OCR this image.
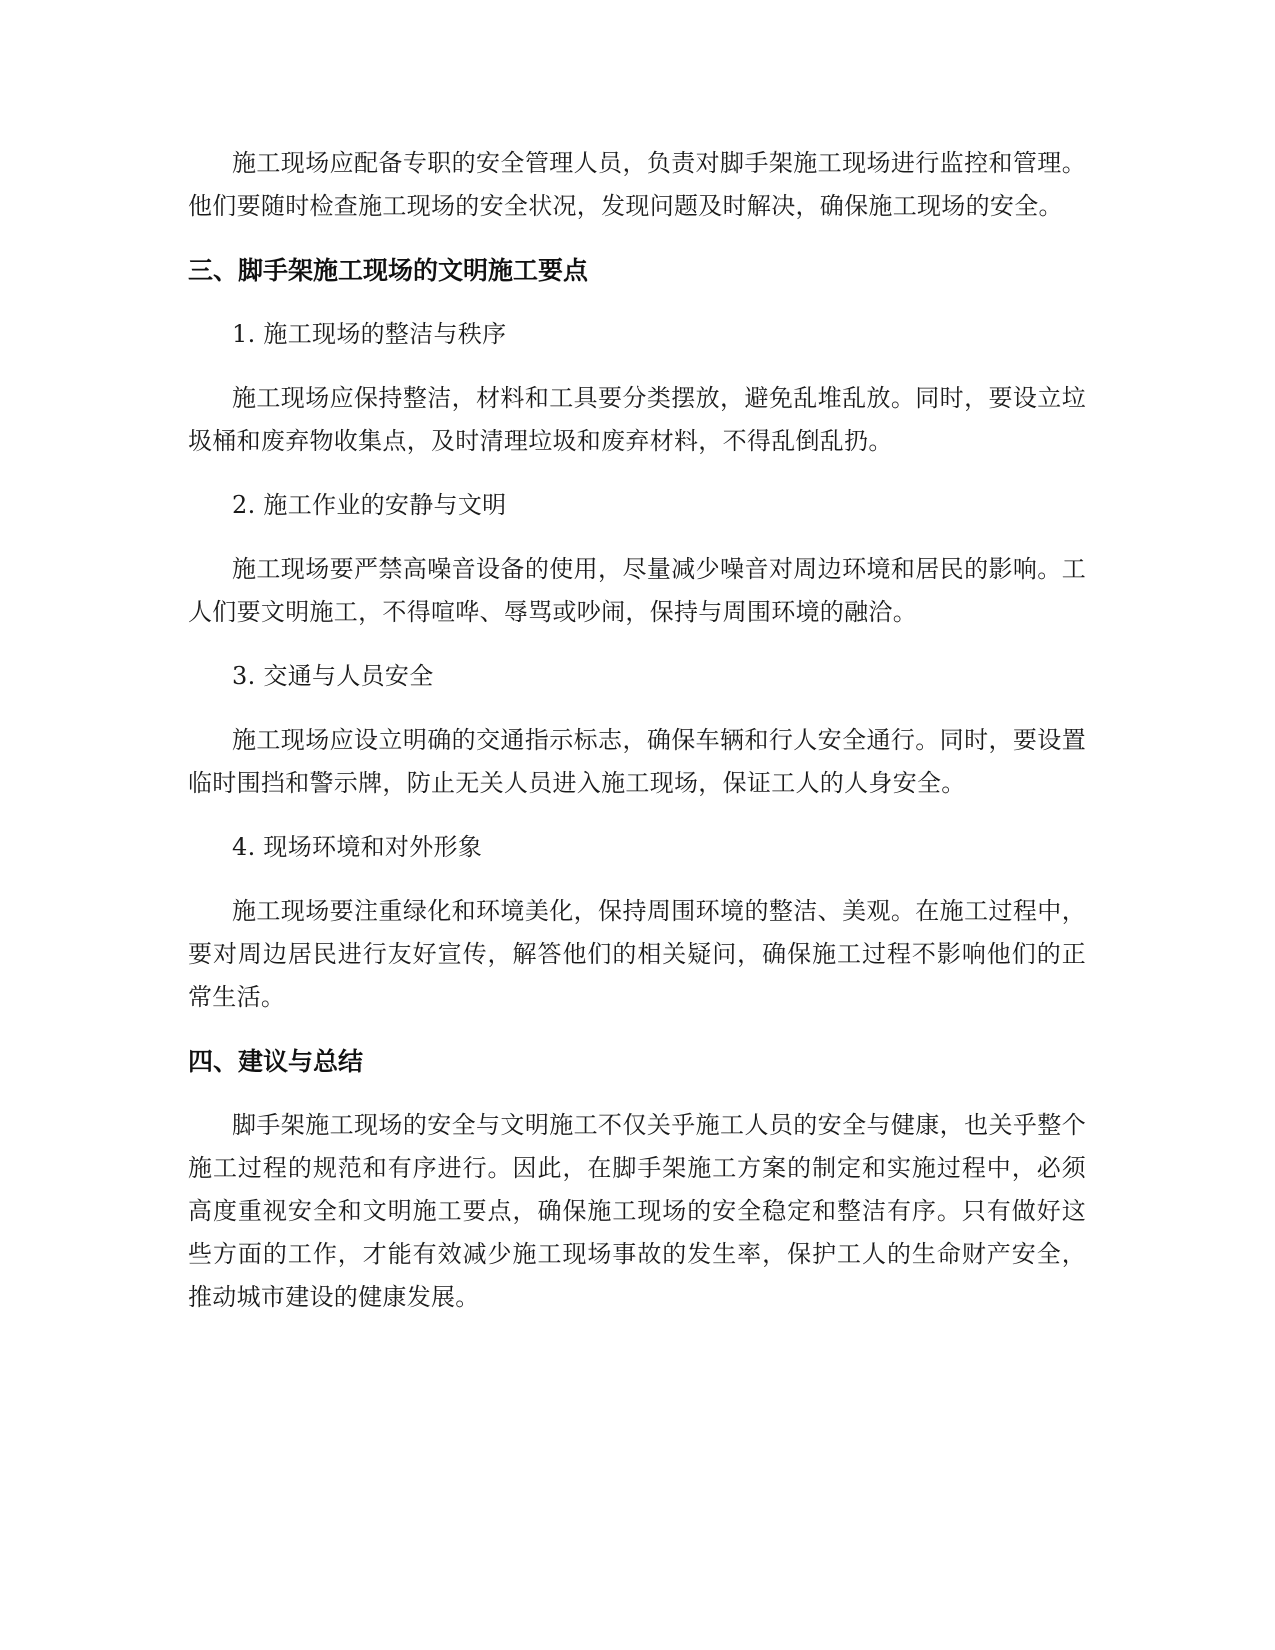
施工现场应配备专职的安全管理人员，负责对脚手架施工现场进行监控和管理。他们要随时检查施工现场的安全状况，发现问题及时解决，确保施工现场的安全。

三、脚手架施工现场的文明施工要点

1. 施工现场的整洁与秩序

施工现场应保持整洁，材料和工具要分类摆放，避免乱堆乱放。同时，要设立垃圾桶和废弃物收集点，及时清理垃圾和废弃材料，不得乱倒乱扔。

2. 施工作业的安静与文明

施工现场要严禁高噪音设备的使用，尽量减少噪音对周边环境和居民的影响。工人们要文明施工，不得喧哗、辱骂或吵闹，保持与周围环境的融洽。

3. 交通与人员安全

施工现场应设立明确的交通指示标志，确保车辆和行人安全通行。同时，要设置临时围挡和警示牌，防止无关人员进入施工现场，保证工人的人身安全。

4. 现场环境和对外形象

施工现场要注重绿化和环境美化，保持周围环境的整洁、美观。在施工过程中，要对周边居民进行友好宣传，解答他们的相关疑问，确保施工过程不影响他们的正常生活。

四、建议与总结

脚手架施工现场的安全与文明施工不仅关乎施工人员的安全与健康，也关乎整个施工过程的规范和有序进行。因此，在脚手架施工方案的制定和实施过程中，必须高度重视安全和文明施工要点，确保施工现场的安全稳定和整洁有序。只有做好这些方面的工作，才能有效减少施工现场事故的发生率，保护工人的生命财产安全，推动城市建设的健康发展。
